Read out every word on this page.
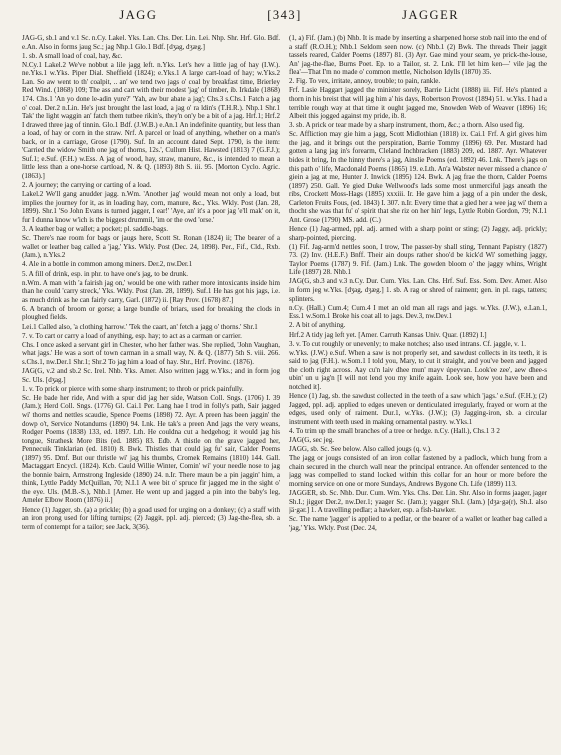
JAGG	[343]	JAGGER

JAG-G, sb.1 and v.1 Sc. n.Cy. Lakel. Yks. Lan. Chs. Der. Lin. Lei. Nhp. Shr. Hrf. Glo. Bdf. e.An. Also in forms jaug Sc.; jag Nhp.1 Glo.1 Bdf. [dʒag, dʒæg.]

1. sb. A small load of coal, hay, &c.

N.Cy.1 Lakel.2 We've nobbut a lile jagg left. n.Yks. Let's hev a little jag of hay (I.W.). ne.Yks.1 w.Yks. Piper Dial. Sheffield (1824); e.Yks.1 A large cart-load of hay; w.Yks.2 Lan. So aw went to th' coalpit, .. an' we tend two jags o' coal by breakfast time, Brierley Red Wind. (1868) 109; The ass and cart with their modest 'jag' of timber, ib. Irkdale (1868) 174. Chs.1 'An yo done le-adin yure?' 'Yah, aw bur abate a jag'; Chs.3 s.Chs.1 Fatch a jag o' coal. Der.2 n.Lin. He's just brought the last load, a jag o' ra ldin's (T.H.R.). Nhp.1 Shr.1 Tak' the light waggin an' fatch them tutbee rikin's, they'n on'y be a bit of a jag. Hrf.1; Hrf.2 I drawed three jag of tinnin. Glo.1 Bdf. (J.W.B.) e.An.1 An indefinite quantity, but less than a load, of hay or corn in the straw. Nrf. A parcel or load of anything, whether on a man's back, or in a carriage, Grose (1790). Suf. In an account dated Sept. 1790, is the item: 'Carried the widow Smith one jag of thorns, 12s.', Cullum Hist. Hawsted (1813) 7 (G.F.J.); Suf.1; e.Suf. (F.H.) w.Ess. A jag of wood, hay, straw, manure, &c., is intended to mean a little less than a one-horse cartload, N. & Q. (1893) 8th S. iii. 95. [Morton Cyclo. Agric. (1863).]

2. A journey; the carrying or carting of a load.

Lakel.2 We'll gang anudder jagg. n.Wm. 'Another jag' would mean not only a load, but implies the journey for it, as in loading hay, corn, manure, &c., Yks. Wkly. Post (Jan. 28, 1899). Shr.1 'So John Evans is turned jagger, I ear!' 'Aye, an' it's a poor jag 'e'll mak' on it, fur I dunna know w'ich is the biggest drummil, 'im or the owd 'orse.'

3. A leather bag or wallet; a pocket; pl. saddle-bags.

Sc. There's nae room for bags or jaugs here, Scott St. Ronan (1824) ii; The bearer of a wallet or leather bag called a 'jag,' Yks. Wkly. Post (Dec. 24, 1898). Per., Fif., Cld., Rxb. (Jam.), n.Yks.2

4. Ale in a bottle in common among miners. Der.2, nw.Der.1

5. A fill of drink, esp. in phr. to have one's jag, to be drunk.

n.Wm. A man with 'a fairish jag on,' would be one with rather more intoxicants inside him than he could 'carry streck,' Yks. Wkly. Post (Jan. 28, 1899). Suf.1 He has got his jags, i.e. as much drink as he can fairly carry, Garl. (1872) ii. [Ray Prov. (1678) 87.]

6. A branch of broom or gorse; a large bundle of briars, used for breaking the clods in ploughed fields.

Lei.1 Called also, 'a clothing harrow.' 'Tek the caart, an' fetch a jagg o' thorns.' Shr.1

7. v. To cart or carry a load of anything, esp. hay; to act as a carman or carrier.

Chs. I once asked a servant girl in Chester, who her father was. She replied, 'John Vaughan, what jags.' He was a sort of town carman in a small way, N. & Q. (1877) 5th S. viii. 266. s.Chs.1, nw.Der.1 Shr.1; Shr.2 To jag him a load of hay. Shr., Hrf. Provinc. (1876).

JAG(G, v.2 and sb.2 Sc. Irel. Nhb. Yks. Amer. Also written jagg w.Yks.; and in form jog Sc. Uls. [dʒag.]

1. v. To prick or pierce with some sharp instrument; to throb or prick painfully.

Sc. He bade her ride, And with a spur did jag her side, Watson Coll. Sngs. (1706) I. 39 (Jam.); Herd Coll. Sngs. (1776) Gl. Cai.1 Per. Lang hae I trod in folly's path, Sair jagged wi' thorns and nettles scaudie, Spence Poems (1898) 72. Ayr. A preen has been jaggin' the dowp o't, Service Notandums (1890) 94. Lnk. He tak's a preen And jags the very weans, Rodger Poems (1838) 133, ed. 1897. Lth. He couldna cut a hedgehog; it would jag his tongue, Strathesk More Bits (ed. 1885) 83. Edb. A thistle on the grave jagged her, Pennecuik Tinklarian (ed. 1810) 8. Bwk. Thistles that could jag fu' sair, Calder Poems (1897) 95. Dmf. But our thristle wi' jag his thumbs, Cromek Remains (1810) 144. Gall. Mactaggart Encycl. (1824). Kcb. Cauld Willie Winter, Comin' wi' your needle nose to jag the bonnie bairn, Armstrong Ingleside (1890) 24. n.Ir. There maun be a pin jaggin' him, a think, Lyttle Paddy McQuillan, 70; N.I.1 A wee bit o' spruce fir jagged me in the sight o' the eye. Uls. (M.B.-S.), Nhb.1 [Amer. He went up and jagged a pin into the baby's leg, Ameler Elbow Room (1876) ii.]

Hence (1) Jagger, sb. (a) a prickle; (b) a goad used for urging on a donkey; (c) a staff with an iron prong used for lifting turnips; (2) Jaggit, ppl. adj. pierced; (3) Jag-the-flea, sb. a term of contempt for a tailor; see Jack, 3(36).

(1, a) Fif. (Jam.) (b) Nhb. It is made by inserting a sharpened horse stob nail into the end of a staff (R.O.H.); Nhb.1 Seldom seen now. (c) Nhb.1 (2) Bwk. The threads Their jaggit tassels reared, Calder Poems (1897) 81. (3) Ayr. Gae mind your seam, ye prick-the-louse, An' jag-the-flae, Burns Poet. Ep. to a Tailor, st. 2. Lnk. I'll let him ken—' vile jag the flea'—That I'm no made o' common mettle, Nicholson Idylls (1870) 35.

2. Fig. To vex, irritate, annoy, trouble; to pain, rankle.

Frf. Lasie Haggart jagged the minister sorely, Barrie Licht (1888) iii. Fif. He's planted a thorn in his breist that will jag him a' his days, Robertson Provost (1894) 51. w.Yks. I had a terrible rough way at that time it ought jagged me, Snowden Web of Weaver (1896) 16; Albeit this jogged against my pride, ib. 8.

3. sb. A prick or tear made by a sharp instrument, thorn, &c.; a thorn. Also used fig.

Sc. Affliction may gie him a jagg, Scott Midlothian (1818) ix. Cai.1 Frf. A girl gives him the jag, and it brings out the perspiration, Barrie Tommy (1896) 69. Per. Mustard had gotten a lang jag in's forearm, Cleland Inchbracken (1883) 209, ed. 1887. Ayr. Whatever bides it bring, In the hinny there's a jag, Ainslie Poems (ed. 1892) 46. Lnk. There's jags on this path o' life, Macdonald Poems (1865) 19. e.Lth. An'a Wabster never missed a chance o' giein a jag at me, Hunter J. Inwick (1895) 124. Bwk. A jag frae the thorn, Calder Poems (1897) 250. Gall. Ye gied Duke Wellwood's lads some most unmerciful jags aneath the ribs, Crockett Moss-Hags (1895) xxxiii. Ir. He gave him a jagg of a pin under the desk, Carleton Fruits Fous, (ed. 1843) I. 307. n.Ir. Every time that a gied her a wee jag wi' them a thocht she was that fu' o' spirit that she riz on her hin' legs, Lyttle Robin Gordon, 79; N.I.1 Ant. Grose (1790) MS. add. (C.)

Hence (1) Jag-armed, ppl. adj. armed with a sharp point or sting; (2) Jaggy, adj. prickly; sharp-pointed, piercing.

(1) Fif. Jag-arm'd nettles soon, I trow, The passer-by shall sting, Tennant Papistry (1827) 73. (2) Inv. (H.E.F.) Bnff. Their ain doups rather shoo'd be kick'd Wi' something jaggy, Taylor Poems (1787) 9. Fif. (Jam.) Lnk. The gowden bloom o' the jaggy whins, Wright Life (1897) 28. Nhb.1

JAG(G, sb.3 and v.3 n.Cy. Dur. Cum. Yks. Lan. Chs. Hrf. Suf. Ess. Som. Dev. Amer. Also in form jeg w.Yks. [dʒag, dʒæg.] 1. sb. A rag or shred of raiment; gen. in pl. rags, tatters; splinters.

n.Cy. (Hall.) Cum.4; Cum.4 I met an old man all rags and jags. w.Yks. (J.W.), e.Lan.1, Ess.1 w.Som.1 Broke his coat all to jags. Dev.3, nw.Dev.1

2. A bit of anything.

Hrf.2 A tidy jag left yet. [Amer. Carruth Kansas Univ. Quar. (1892) I.]

3. v. To cut roughly or unevenly; to make notches; also used intrans. Cf. jaggle, v. 1.

w.Yks. (J.W.) e.Suf. When a saw is not properly set, and sawdust collects in its teeth, it is said to jag (F.H.). w.Som.1 I told you, Mary, to cut it straight, and you've been and jagged the cloth right across. Aay cu'n laiv dhee mun' mayv úpeyvan. Look'ee zee', aew dhee-s ubin' un u jag'n [I will not lend you my knife again. Look see, how you have been and notched it].

Hence (1) Jag, sb. the sawdust collected in the teeth of a saw which 'jags.' e.Suf. (F.H.); (2) Jagged, ppl. adj. applied to edges uneven or denticulated irregularly, frayed or worn at the edges, used only of raiment. Dur.1, w.Yks. (J.W.); (3) Jagging-iron, sb. a circular instrument with teeth used in making ornamental pastry. w.Yks.1

4. To trim up the small branches of a tree or hedge. n.Cy. (Hall.), Chs.1 3 2

JAG(G, sec jeg.

JAGG, sb. Sc. See below. Also called jougs (q. v.).

The jagg or jougs consisted of an iron collar fastened by a padlock, which hung from a chain secured in the church wall near the principal entrance. An offender sentenced to the jagg was compelled to stand locked within this collar for an hour or more before the morning service on one or more Sundays, Andrews Bygone Ch. Life (1899) 113.

JAGGER, sb. Sc. Nhb. Dur. Cum. Wm. Yks. Chs. Der. Lin. Shr. Also in forms jaager, jager Sh.I.; jigger Der.2, nw.Der.1; yaager Sc. (Jam.); yagger Sh.I. (Jam.) [dʒa·gə(r), Sh.I. also jä·gər.] 1. A travelling pedlar; a hawker, esp. a fish-hawker.

Sc. The name 'jagger' is applied to a pedlar, or the bearer of a wallet or leather bag called a 'jag,' Yks. Wkly. Post (Dec. 24,
